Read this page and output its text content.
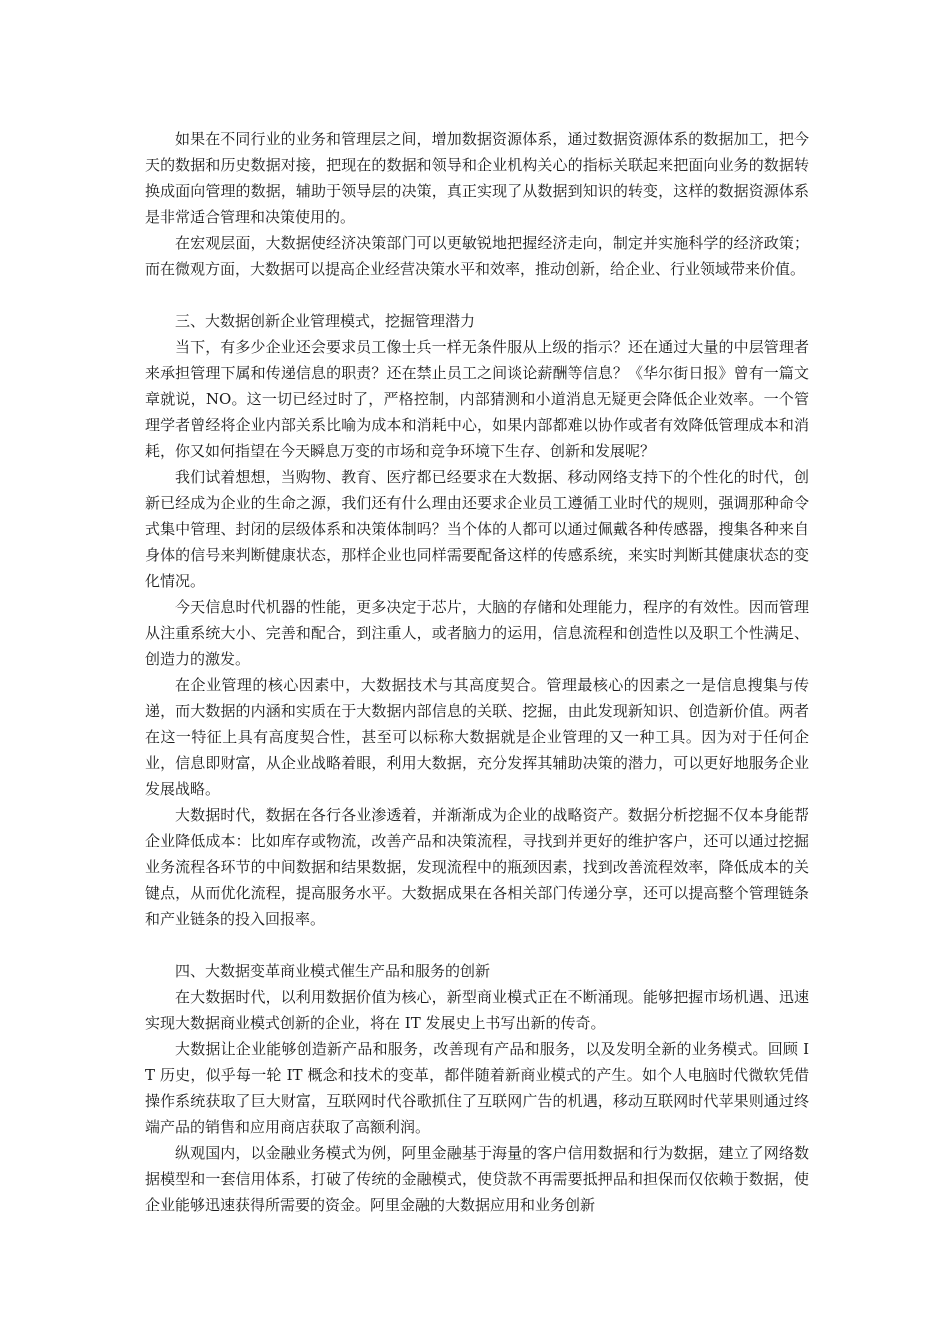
如果在不同行业的业务和管理层之间，增加数据资源体系，通过数据资源体系的数据加工，把今天的数据和历史数据对接，把现在的数据和领导和企业机构关心的指标关联起来把面向业务的数据转换成面向管理的数据，辅助于领导层的决策，真正实现了从数据到知识的转变，这样的数据资源体系是非常适合管理和决策使用的。

在宏观层面，大数据使经济决策部门可以更敏锐地把握经济走向，制定并实施科学的经济政策；而在微观方面，大数据可以提高企业经营决策水平和效率，推动创新，给企业、行业领域带来价值。

三、大数据创新企业管理模式，挖掘管理潜力

当下，有多少企业还会要求员工像士兵一样无条件服从上级的指示？还在通过大量的中层管理者来承担管理下属和传递信息的职责？还在禁止员工之间谈论薪酬等信息？《华尔街日报》曾有一篇文章就说，NO。这一切已经过时了，严格控制，内部猜测和小道消息无疑更会降低企业效率。一个管理学者曾经将企业内部关系比喻为成本和消耗中心，如果内部都难以协作或者有效降低管理成本和消耗，你又如何指望在今天瞬息万变的市场和竞争环境下生存、创新和发展呢？

我们试着想想，当购物、教育、医疗都已经要求在大数据、移动网络支持下的个性化的时代，创新已经成为企业的生命之源，我们还有什么理由还要求企业员工遵循工业时代的规则，强调那种命令式集中管理、封闭的层级体系和决策体制吗？当个体的人都可以通过佩戴各种传感器，搜集各种来自身体的信号来判断健康状态，那样企业也同样需要配备这样的传感系统，来实时判断其健康状态的变化情况。

今天信息时代机器的性能，更多决定于芯片，大脑的存储和处理能力，程序的有效性。因而管理从注重系统大小、完善和配合，到注重人，或者脑力的运用，信息流程和创造性以及职工个性满足、创造力的激发。

在企业管理的核心因素中，大数据技术与其高度契合。管理最核心的因素之一是信息搜集与传递，而大数据的内涵和实质在于大数据内部信息的关联、挖掘，由此发现新知识、创造新价值。两者在这一特征上具有高度契合性，甚至可以标称大数据就是企业管理的又一种工具。因为对于任何企业，信息即财富，从企业战略着眼，利用大数据，充分发挥其辅助决策的潜力，可以更好地服务企业发展战略。

大数据时代，数据在各行各业渗透着，并渐渐成为企业的战略资产。数据分析挖掘不仅本身能帮企业降低成本：比如库存或物流，改善产品和决策流程，寻找到并更好的维护客户，还可以通过挖掘业务流程各环节的中间数据和结果数据，发现流程中的瓶颈因素，找到改善流程效率，降低成本的关键点，从而优化流程，提高服务水平。大数据成果在各相关部门传递分享，还可以提高整个管理链条和产业链条的投入回报率。

四、大数据变革商业模式催生产品和服务的创新

在大数据时代，以利用数据价值为核心，新型商业模式正在不断涌现。能够把握市场机遇、迅速实现大数据商业模式创新的企业，将在 IT 发展史上书写出新的传奇。

大数据让企业能够创造新产品和服务，改善现有产品和服务，以及发明全新的业务模式。回顾 IT 历史，似乎每一轮 IT 概念和技术的变革，都伴随着新商业模式的产生。如个人电脑时代微软凭借操作系统获取了巨大财富，互联网时代谷歌抓住了互联网广告的机遇，移动互联网时代苹果则通过终端产品的销售和应用商店获取了高额利润。

纵观国内，以金融业务模式为例，阿里金融基于海量的客户信用数据和行为数据，建立了网络数据模型和一套信用体系，打破了传统的金融模式，使贷款不再需要抵押品和担保而仅依赖于数据，使企业能够迅速获得所需要的资金。阿里金融的大数据应用和业务创新
